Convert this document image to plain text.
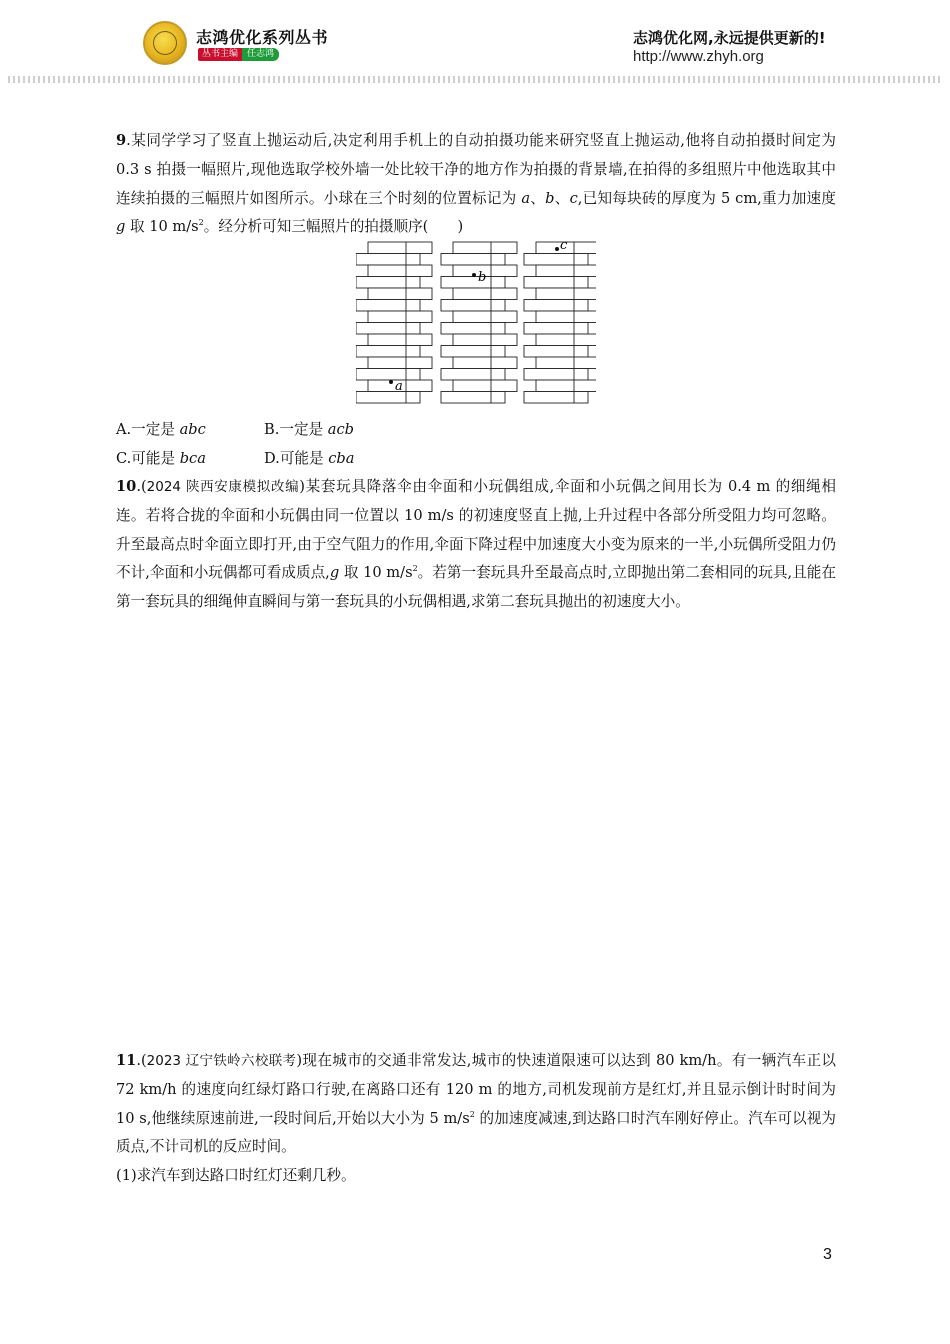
志鸿优化系列丛书
丛书主编 任志鸿
志鸿优化网,永远提供更新的!
http://www.zhyh.org
9.某同学学习了竖直上抛运动后,决定利用手机上的自动拍摄功能来研究竖直上抛运动,他将自动拍摄时间定为 0.3 s 拍摄一幅照片,现他选取学校外墙一处比较干净的地方作为拍摄的背景墙,在拍得的多组照片中他选取其中连续拍摄的三幅照片如图所示。小球在三个时刻的位置标记为 a、b、c,已知每块砖的厚度为 5 cm,重力加速度 g 取 10 $m/s^2$。经分析可知三幅照片的拍摄顺序(　　)
a
b
c
A.一定是 abc	B.一定是 acb
C.可能是 bca	D.可能是 cba
10.(2024 陕西安康模拟改编)某套玩具降落伞由伞面和小玩偶组成,伞面和小玩偶之间用长为 0.4 m 的细绳相连。若将合拢的伞面和小玩偶由同一位置以 10 m/s 的初速度竖直上抛,上升过程中各部分所受阻力均可忽略。升至最高点时伞面立即打开,由于空气阻力的作用,伞面下降过程中加速度大小变为原来的一半,小玩偶所受阻力仍不计,伞面和小玩偶都可看成质点,g 取 10 $m/s^2$。若第一套玩具升至最高点时,立即抛出第二套相同的玩具,且能在第一套玩具的细绳伸直瞬间与第一套玩具的小玩偶相遇,求第二套玩具抛出的初速度大小。
11.(2023 辽宁铁岭六校联考)现在城市的交通非常发达,城市的快速道限速可以达到 80 km/h。有一辆汽车正以 72 km/h 的速度向红绿灯路口行驶,在离路口还有 120 m 的地方,司机发现前方是红灯,并且显示倒计时时间为 10 s,他继续原速前进,一段时间后,开始以大小为 5 $m/s^2$ 的加速度减速,到达路口时汽车刚好停止。汽车可以视为质点,不计司机的反应时间。
(1)求汽车到达路口时红灯还剩几秒。
3
